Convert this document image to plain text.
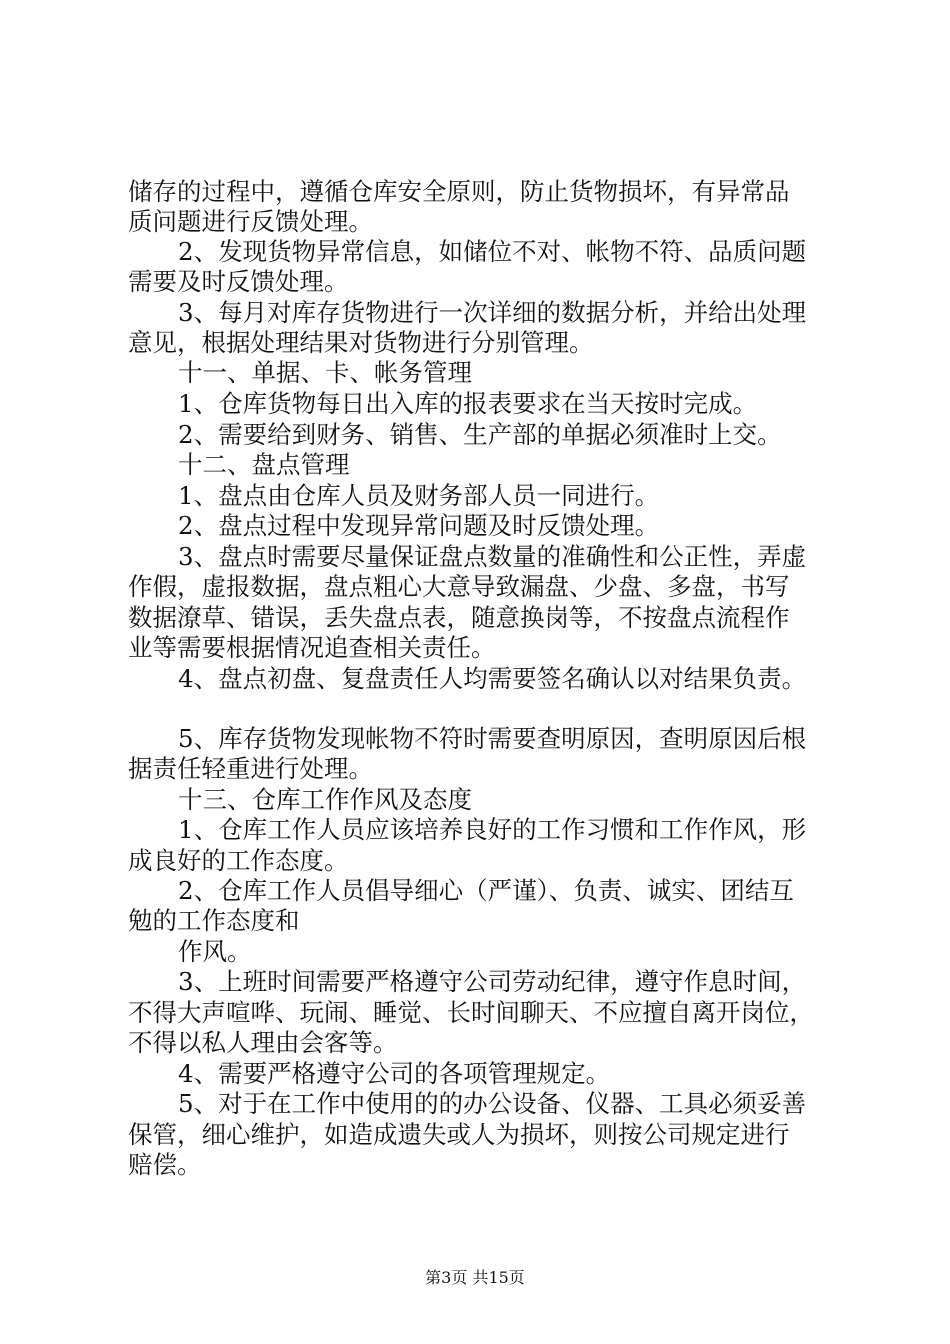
储存的过程中，遵循仓库安全原则，防止货物损坏，有异常品

质问题进行反馈处理。

2、发现货物异常信息，如储位不对、帐物不符、品质问题

需要及时反馈处理。

3、每月对库存货物进行一次详细的数据分析，并给出处理

意见，根据处理结果对货物进行分别管理。

十一、单据、卡、帐务管理

1、仓库货物每日出入库的报表要求在当天按时完成。

2、需要给到财务、销售、生产部的单据必须准时上交。

十二、盘点管理

1、盘点由仓库人员及财务部人员一同进行。

2、盘点过程中发现异常问题及时反馈处理。

3、盘点时需要尽量保证盘点数量的准确性和公正性，弄虚

作假，虚报数据，盘点粗心大意导致漏盘、少盘、多盘，书写

数据潦草、错误，丢失盘点表，随意换岗等，不按盘点流程作

业等需要根据情况追查相关责任。

4、盘点初盘、复盘责任人均需要签名确认以对结果负责。

5、库存货物发现帐物不符时需要查明原因，查明原因后根

据责任轻重进行处理。

十三、仓库工作作风及态度

1、仓库工作人员应该培养良好的工作习惯和工作作风，形

成良好的工作态度。

2、仓库工作人员倡导细心（严谨）、负责、诚实、团结互

勉的工作态度和

作风。

3、上班时间需要严格遵守公司劳动纪律，遵守作息时间，

不得大声喧哗、玩闹、睡觉、长时间聊天、不应擅自离开岗位，

不得以私人理由会客等。

4、需要严格遵守公司的各项管理规定。

5、对于在工作中使用的的办公设备、仪器、工具必须妥善

保管，细心维护，如造成遗失或人为损坏，则按公司规定进行

赔偿。

第3页 共15页
